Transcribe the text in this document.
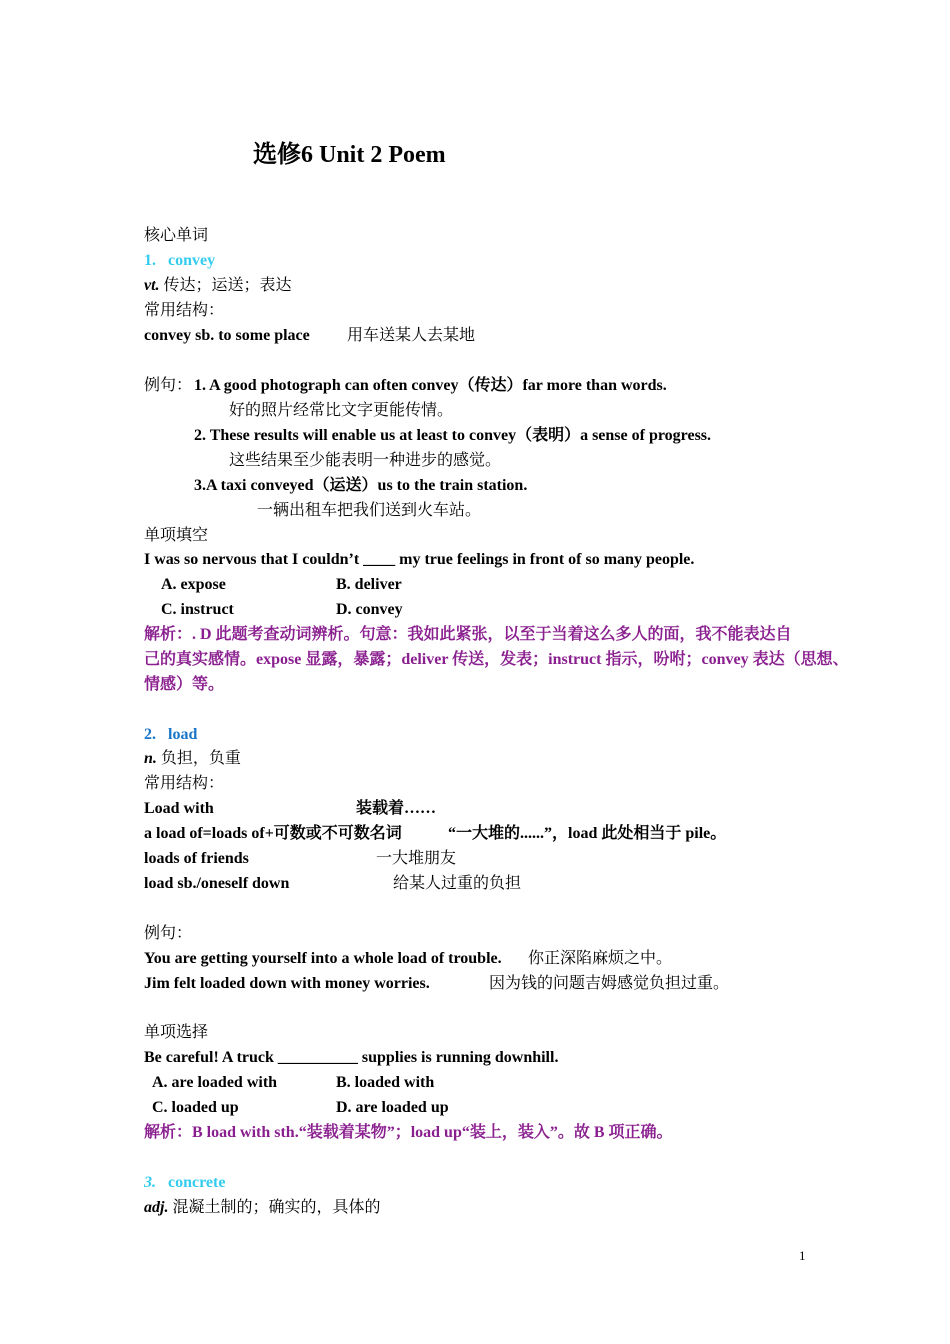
选修6 Unit 2 Poem
核心单词
1. convey
vt. 传达；运送；表达
常用结构：
convey sb. to some place 用车送某人去某地
例句： 1. A good photograph can often convey（传达）far more than words.
好的照片经常比文字更能传情。
2. These results will enable us at least to convey（表明）a sense of progress.
这些结果至少能表明一种进步的感觉。
3.A taxi conveyed（运送）us to the train station.
一辆出租车把我们送到火车站。
单项填空
I was so nervous that I couldn’t ____ my true feelings in front of so many people.
A. expose	B. deliver
C. instruct	D. convey
解析：. D 此题考查动词辨析。句意：我如此紧张，以至于当着这么多人的面，我不能表达自
己的真实感情。expose 显露，暴露；deliver 传送，发表；instruct 指示，吩咐；convey 表达（思想、
情感）等。
2. load
n. 负担，负重
常用结构：
Load with	装载着……
a load of=loads of+可数或不可数名词	“一大堆的......”，load 此处相当于 pile。
loads of friends	一大堆朋友
load sb./oneself down	给某人过重的负担
例句：
You are getting yourself into a whole load of trouble. 你正深陷麻烦之中。
Jim felt loaded down with money worries.	因为钱的问题吉姆感觉负担过重。
单项选择
Be careful! A truck __________ supplies is running downhill.
A. are loaded with	B. loaded with
C. loaded up	D. are loaded up
解析：B load with sth.“装载着某物”；load up“装上，装入”。故 B 项正确。
3. concrete
adj. 混凝土制的；确实的，具体的
1
